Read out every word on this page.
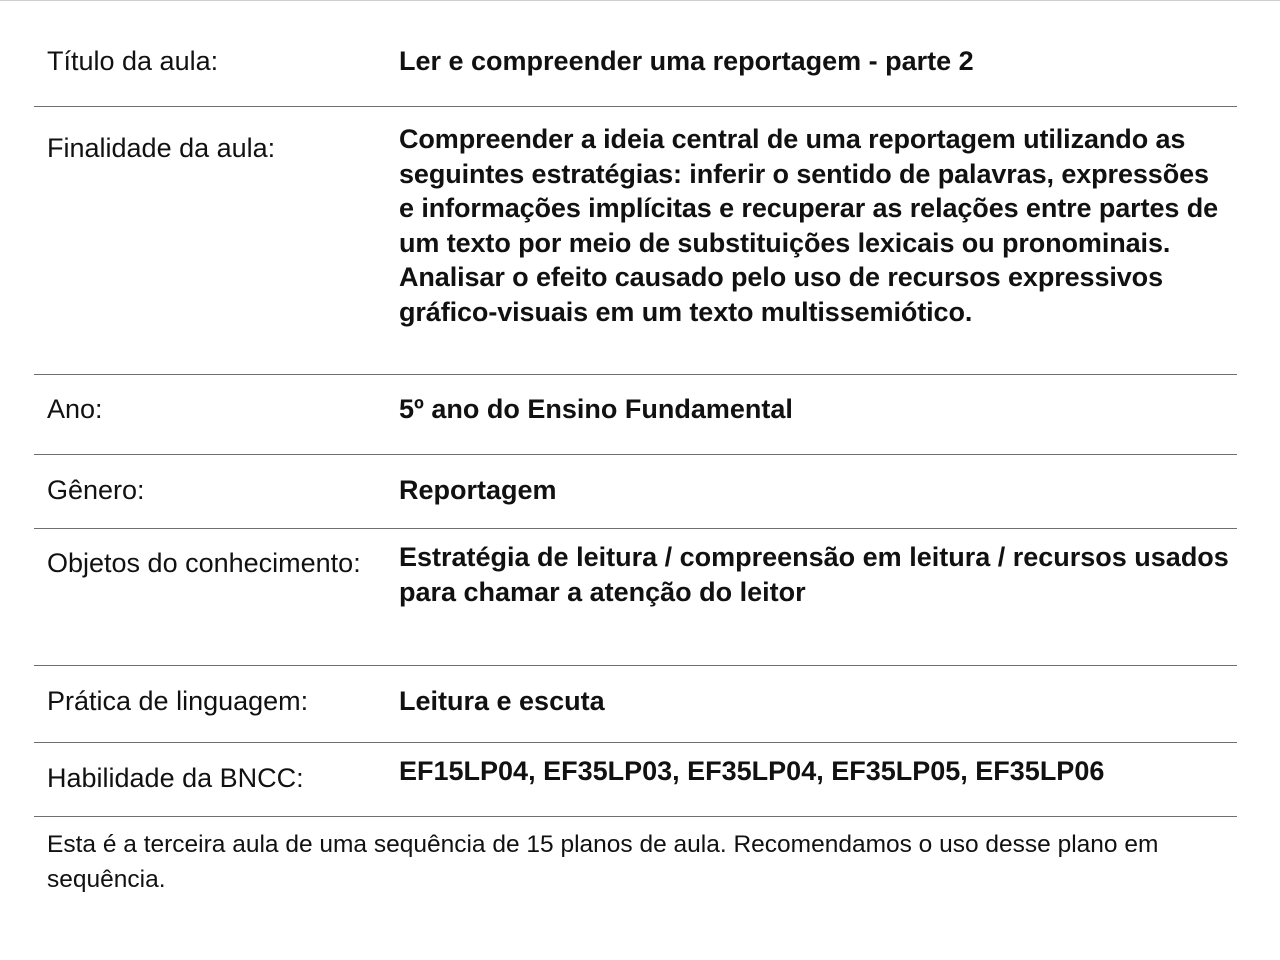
Título da aula:	Ler e compreender uma reportagem - parte 2
Finalidade da aula:	Compreender a ideia central de uma reportagem utilizando as seguintes estratégias: inferir o sentido de palavras, expressões e informações implícitas e recuperar as relações entre partes de um texto por meio de substituições lexicais ou pronominais.
Analisar o efeito causado pelo uso de recursos expressivos gráfico-visuais em um texto multissemiótico.
Ano:	5º ano do Ensino Fundamental
Gênero:	Reportagem
Objetos do conhecimento:	Estratégia de leitura / compreensão em leitura / recursos usados para chamar a atenção do leitor
Prática de linguagem:	Leitura e escuta
Habilidade da BNCC:	EF15LP04, EF35LP03, EF35LP04, EF35LP05, EF35LP06
Esta é a terceira aula de uma sequência de 15 planos de aula. Recomendamos o uso desse plano em sequência.
